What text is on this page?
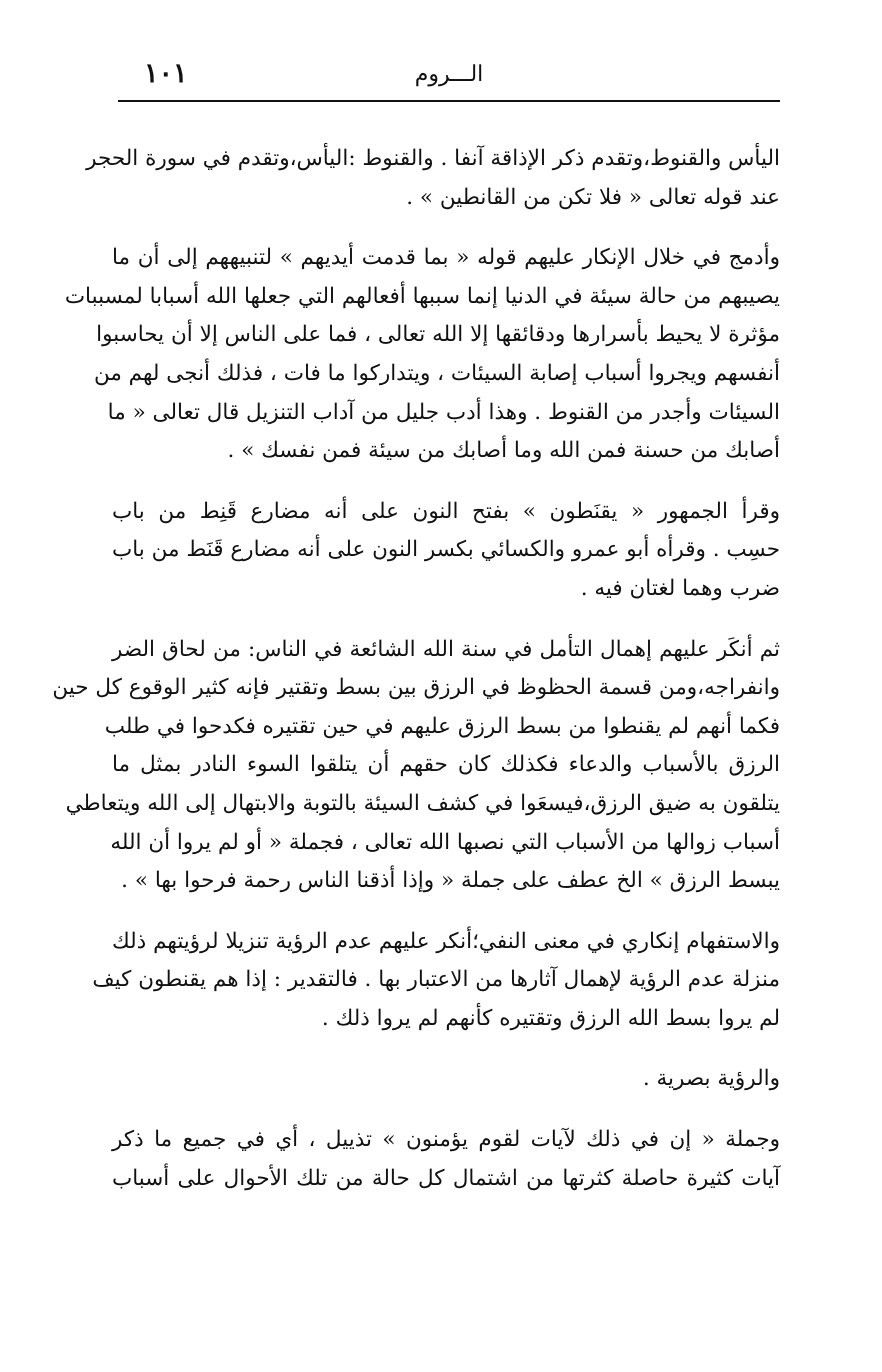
١٠١	الـــروم

اليأس والقنوط،وتقدم ذكر الإذاقة آنفا . والقنوط :اليأس،وتقدم في سورة الحجر
عند قوله تعالى « فلا تكن من القانطين » .

وأدمج في خلال الإنكار عليهم قوله « بما قدمت أيديهم » لتنبيههم إلى أن ما
يصيبهم من حالة سيئة في الدنيا إنما سببها أفعالهم التي جعلها الله أسبابا لمسببات
مؤثرة لا يحيط بأسرارها ودقائقها إلا الله تعالى ، فما على الناس إلا أن يحاسبوا
أنفسهم ويجروا أسباب إصابة السيئات ، ويتداركوا ما فات ، فذلك أنجى لهم من
السيئات وأجدر من القنوط . وهذا أدب جليل من آداب التنزيل قال تعالى « ما
أصابك من حسنة فمن الله وما أصابك من سيئة فمن نفسك » .

وقرأ الجمهور « يقنَطون » بفتح النون على أنه مضارع قَنِط من باب
حسِب . وقرأه أبو عمرو والكسائي بكسر النون على أنه مضارع قَنَط من باب
ضرب وهما لغتان فيه .

ثم أنكَر عليهم إهمال التأمل في سنة الله الشائعة في الناس: من لحاق الضر
وانفراجه،ومن قسمة الحظوظ في الرزق بين بسط وتقتير فإنه كثير الوقوع كل حين
فكما أنهم لم يقنطوا من بسط الرزق عليهم في حين تقتيره فكدحوا في طلب
الرزق بالأسباب والدعاء فكذلك كان حقهم أن يتلقوا السوء النادر بمثل ما
يتلقون به ضيق الرزق،فيسعَوا في كشف السيئة بالتوبة والابتهال إلى الله ويتعاطي
أسباب زوالها من الأسباب التي نصبها الله تعالى ، فجملة « أو لم يروا أن الله
يبسط الرزق » الخ عطف على جملة « وإذا أذقنا الناس رحمة فرحوا بها » .

والاستفهام إنكاري في معنى النفي؛أنكر عليهم عدم الرؤية تنزيلا لرؤيتهم ذلك
منزلة عدم الرؤية لإهمال آثارها من الاعتبار بها . فالتقدير : إذا هم يقنطون كيف
لم يروا بسط الله الرزق وتقتيره كأنهم لم يروا ذلك .

والرؤية بصرية .

وجملة « إن في ذلك لآيات لقوم يؤمنون » تذييل ، أي في جميع ما ذكر
آيات كثيرة حاصلة كثرتها من اشتمال كل حالة من تلك الأحوال على أسباب
